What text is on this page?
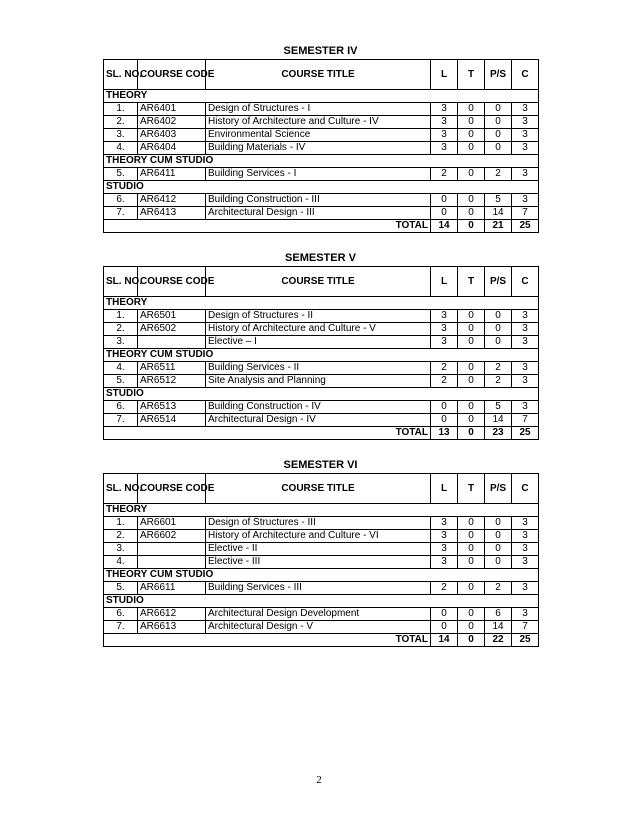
SEMESTER IV
SL. NO.	COURSE CODE	COURSE TITLE	L	T	P/S	C
THEORY						
1.	AR6401	Design of Structures - I	3	0	0	3
2.	AR6402	History of Architecture and Culture - IV	3	0	0	3
3.	AR6403	Environmental Science	3	0	0	3
4.	AR6404	Building Materials - IV	3	0	0	3
THEORY CUM STUDIO						
5.	AR6411	Building Services - I	2	0	2	3
STUDIO						
6.	AR6412	Building Construction - III	0	0	5	3
7.	AR6413	Architectural Design - III	0	0	14	7
TOTAL			14	0	21	25
SEMESTER V
SL. NO.	COURSE CODE	COURSE TITLE	L	T	P/S	C
THEORY						
1.	AR6501	Design of Structures - II	3	0	0	3
2.	AR6502	History of Architecture and Culture - V	3	0	0	3
3.		Elective – I	3	0	0	3
THEORY CUM STUDIO						
4.	AR6511	Building Services - II	2	0	2	3
5.	AR6512	Site Analysis and Planning	2	0	2	3
STUDIO						
6.	AR6513	Building Construction - IV	0	0	5	3
7.	AR6514	Architectural Design - IV	0	0	14	7
TOTAL			13	0	23	25
SEMESTER VI
SL. NO.	COURSE CODE	COURSE TITLE	L	T	P/S	C
THEORY						
1.	AR6601	Design of Structures - III	3	0	0	3
2.	AR6602	History of Architecture and Culture - VI	3	0	0	3
3.		Elective - II	3	0	0	3
4.		Elective - III	3	0	0	3
THEORY CUM STUDIO						
5.	AR6611	Building Services - III	2	0	2	3
STUDIO						
6.	AR6612	Architectural Design Development	0	0	6	3
7.	AR6613	Architectural Design - V	0	0	14	7
TOTAL			14	0	22	25
2
